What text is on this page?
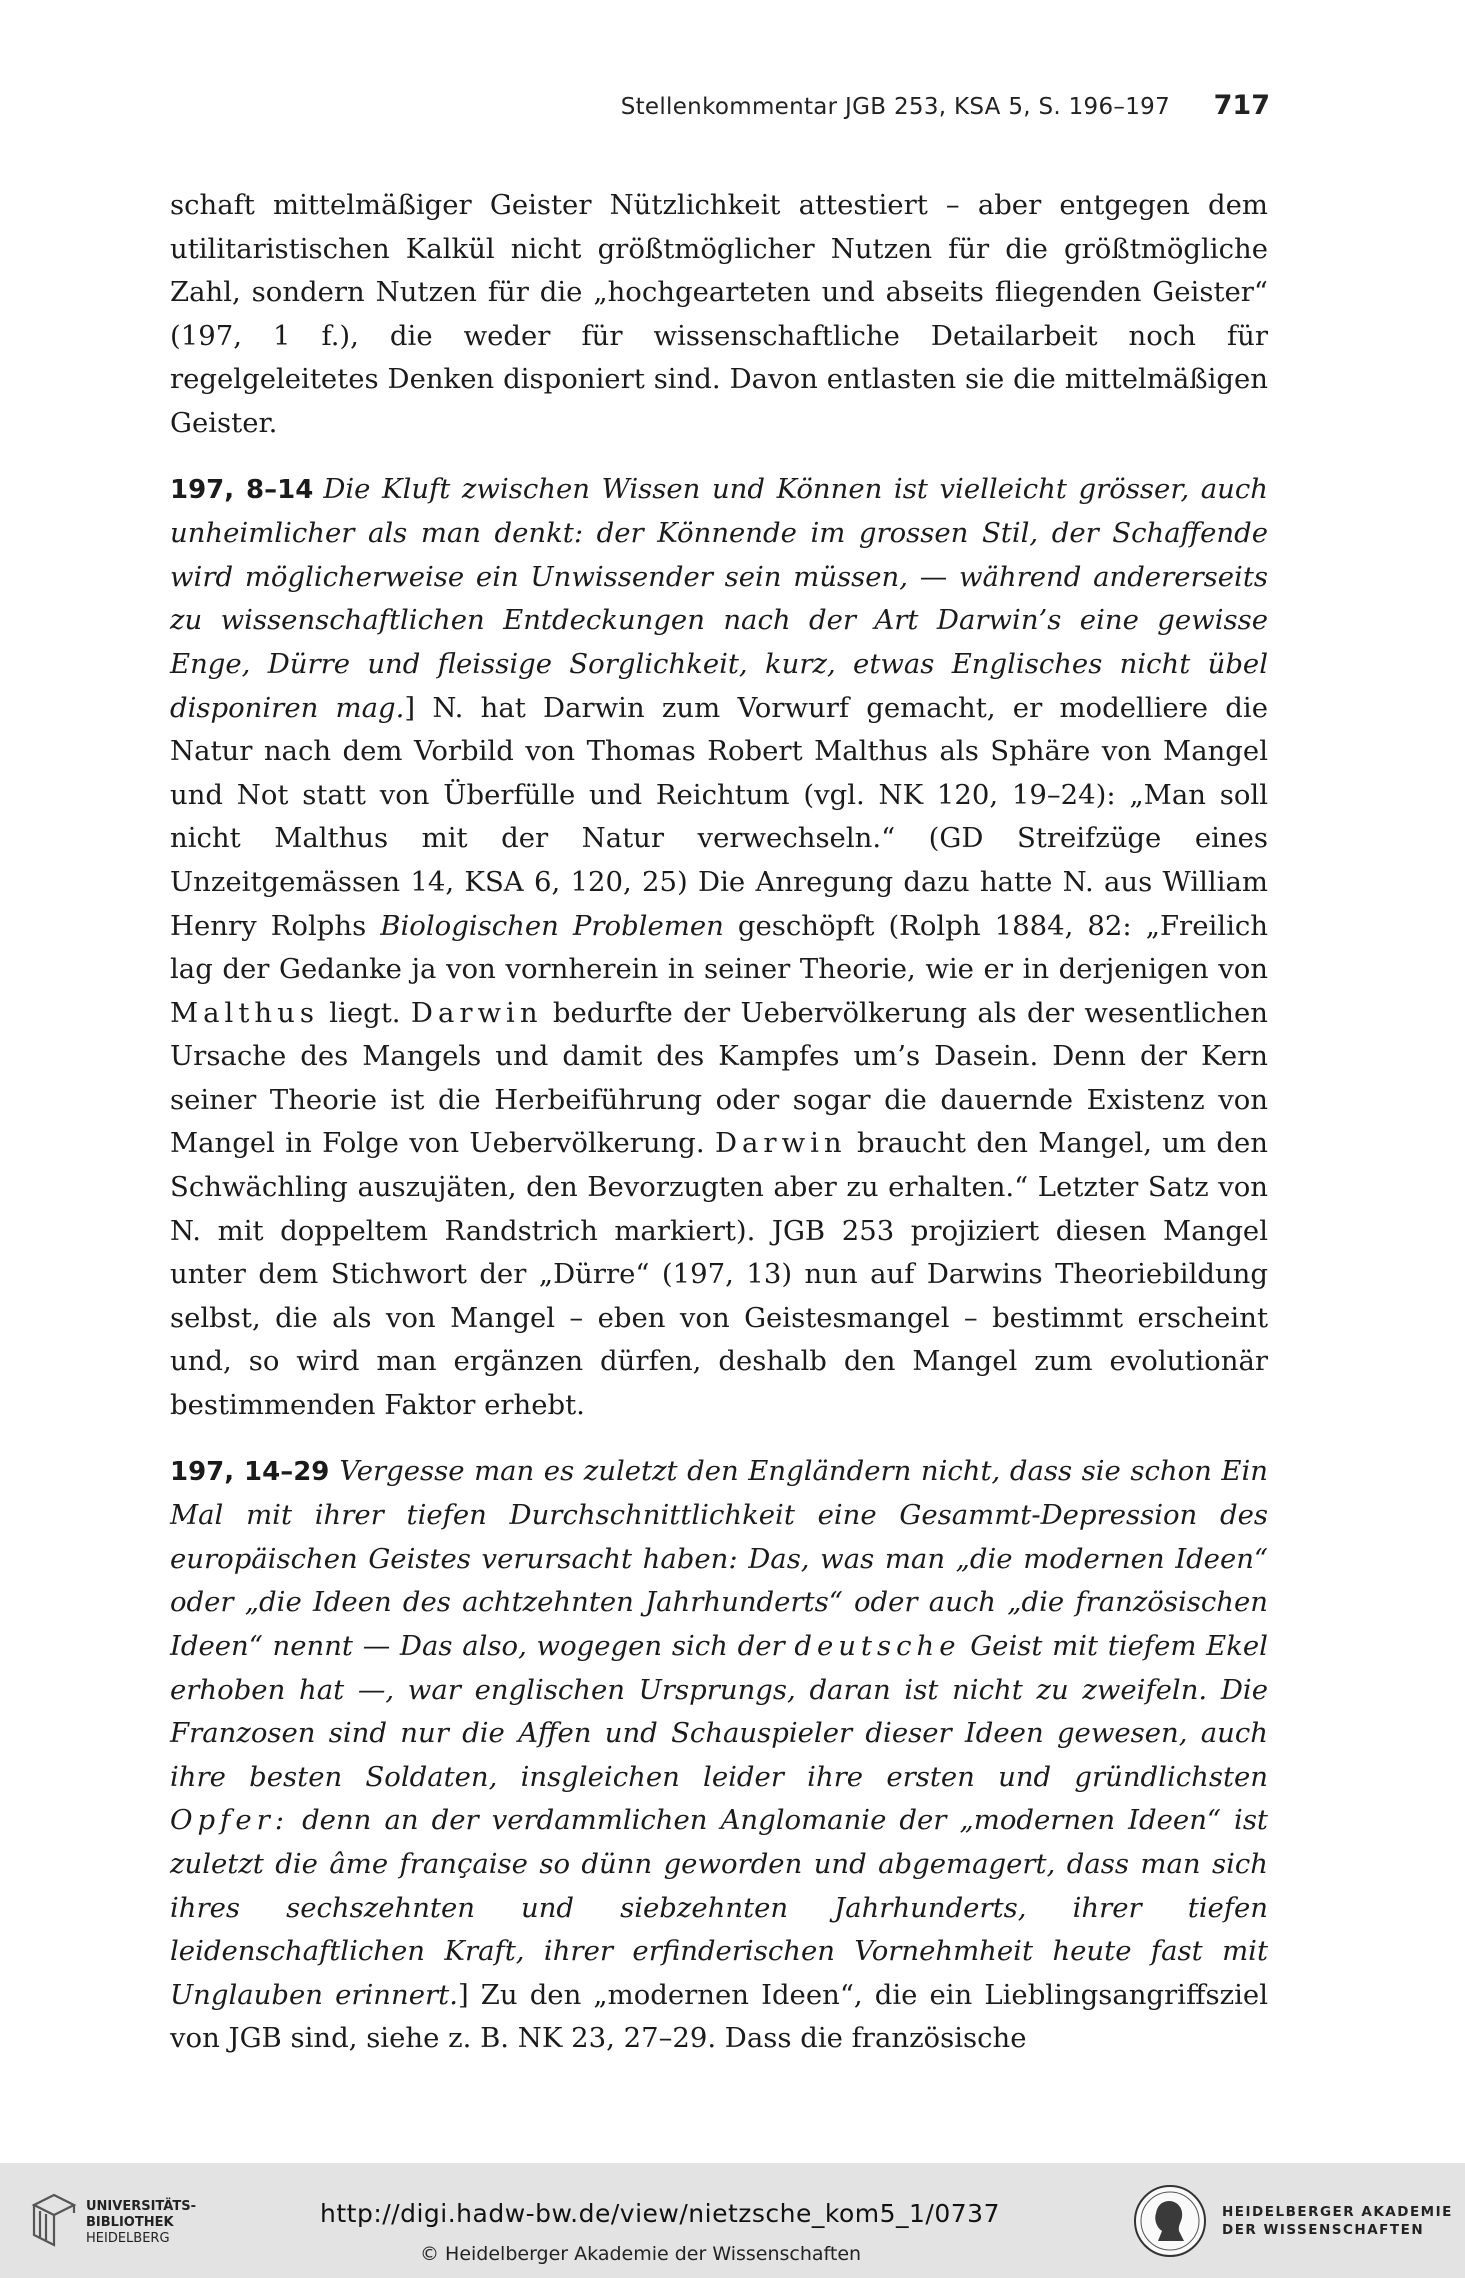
Stellenkommentar JGB 253, KSA 5, S. 196–197 717

schaft mittelmäßiger Geister Nützlichkeit attestiert – aber entgegen dem utilitaristischen Kalkül nicht größtmöglicher Nutzen für die größtmögliche Zahl, sondern Nutzen für die „hochgearteten und abseits fliegenden Geister“ (197, 1 f.), die weder für wissenschaftliche Detailarbeit noch für regelgeleitetes Denken disponiert sind. Davon entlasten sie die mittelmäßigen Geister.

197, 8–14 Die Kluft zwischen Wissen und Können ist vielleicht grösser, auch unheimlicher als man denkt: der Könnende im grossen Stil, der Schaffende wird möglicherweise ein Unwissender sein müssen, — während andererseits zu wissenschaftlichen Entdeckungen nach der Art Darwin’s eine gewisse Enge, Dürre und fleissige Sorglichkeit, kurz, etwas Englisches nicht übel disponiren mag.] N. hat Darwin zum Vorwurf gemacht, er modelliere die Natur nach dem Vorbild von Thomas Robert Malthus als Sphäre von Mangel und Not statt von Überfülle und Reichtum (vgl. NK 120, 19–24): „Man soll nicht Malthus mit der Natur verwechseln.“ (GD Streifzüge eines Unzeitgemässen 14, KSA 6, 120, 25) Die Anregung dazu hatte N. aus William Henry Rolphs Biologischen Problemen geschöpft (Rolph 1884, 82: „Freilich lag der Gedanke ja von vornherein in seiner Theorie, wie er in derjenigen von Malthus liegt. Darwin bedurfte der Uebervölkerung als der wesentlichen Ursache des Mangels und damit des Kampfes um’s Dasein. Denn der Kern seiner Theorie ist die Herbeiführung oder sogar die dauernde Existenz von Mangel in Folge von Uebervölkerung. Darwin braucht den Mangel, um den Schwächling auszujäten, den Bevorzugten aber zu erhalten.“ Letzter Satz von N. mit doppeltem Randstrich markiert). JGB 253 projiziert diesen Mangel unter dem Stichwort der „Dürre“ (197, 13) nun auf Darwins Theoriebildung selbst, die als von Mangel – eben von Geistesmangel – bestimmt erscheint und, so wird man ergänzen dürfen, deshalb den Mangel zum evolutionär bestimmenden Faktor erhebt.

197, 14–29 Vergesse man es zuletzt den Engländern nicht, dass sie schon Ein Mal mit ihrer tiefen Durchschnittlichkeit eine Gesammt-Depression des europäischen Geistes verursacht haben: Das, was man „die modernen Ideen“ oder „die Ideen des achtzehnten Jahrhunderts“ oder auch „die französischen Ideen“ nennt — Das also, wogegen sich der deutsche Geist mit tiefem Ekel erhoben hat —, war englischen Ursprungs, daran ist nicht zu zweifeln. Die Franzosen sind nur die Affen und Schauspieler dieser Ideen gewesen, auch ihre besten Soldaten, insgleichen leider ihre ersten und gründlichsten Opfer: denn an der verdammlichen Anglomanie der „modernen Ideen“ ist zuletzt die âme française so dünn geworden und abgemagert, dass man sich ihres sechszehnten und siebzehnten Jahrhunderts, ihrer tiefen leidenschaftlichen Kraft, ihrer erfinderischen Vornehmheit heute fast mit Unglauben erinnert.] Zu den „modernen Ideen“, die ein Lieblingsangriffsziel von JGB sind, siehe z. B. NK 23, 27–29. Dass die französische

UNIVERSITÄTS-
BIBLIOTHEK
HEIDELBERG
http://digi.hadw-bw.de/view/nietzsche_kom5_1/0737
© Heidelberger Akademie der Wissenschaften
HEIDELBERGER AKADEMIE
DER WISSENSCHAFTEN
